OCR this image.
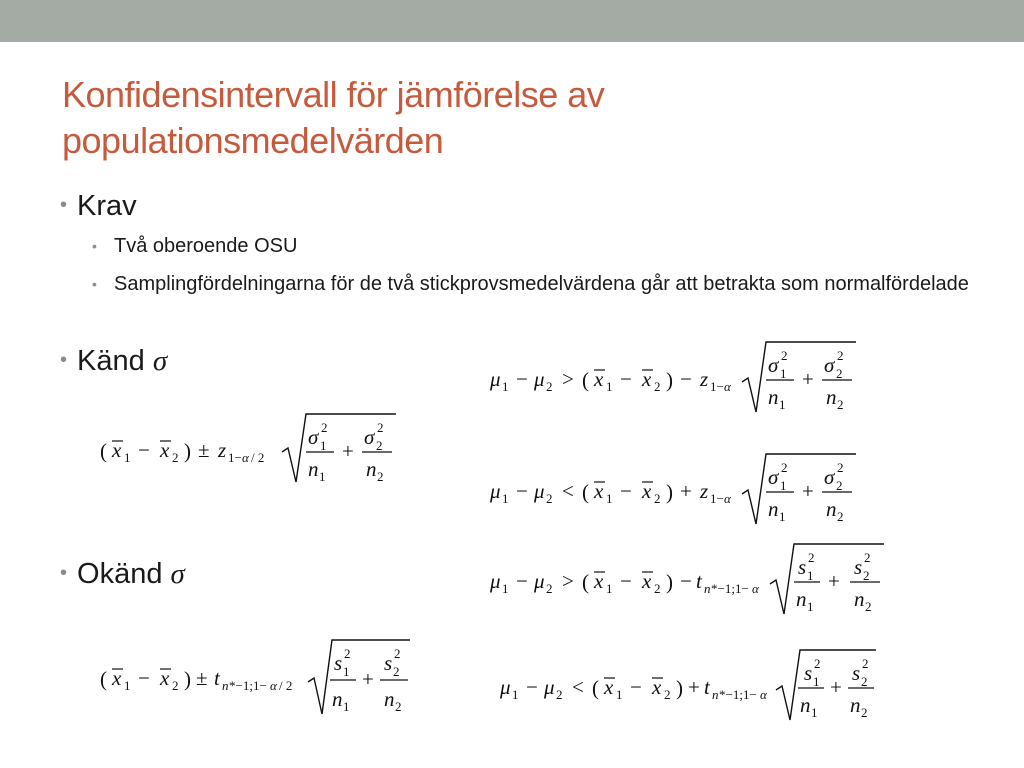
Konfidensintervall för jämförelse av
populationsmedelvärden
• Krav
• Två oberoende OSU
• Samplingfördelningarna för de två stickprovsmedelvärdena går att betrakta som normalfördelade
• Känd σ
• Okänd σ
( x 1 − x 2 ) ± z 1− α / 2
σ 1
2
n 1
+
σ 2
2
n 2
μ 1 − μ 2 > ( x 1 − x 2 ) − z 1− α
σ 1
2
n 1
+
σ 2
2
n 2
μ 1 − μ 2 < ( x 1 − x 2 ) + z 1− α
σ 1
2
n 1
+
σ 2
2
n 2
μ 1 − μ 2 > ( x 1 − x 2 ) − t n *−1;1− α
s 1
2
n 1
+
s 2
2
n 2
( x 1 − x 2 ) ± t n *−1;1− α / 2
s 1
2
n 1
+
s 2
2
n 2
μ 1 − μ 2 < ( x 1 − x 2 ) + t n *−1;1− α
s 1
2
n 1
+
s 2
2
n 2
